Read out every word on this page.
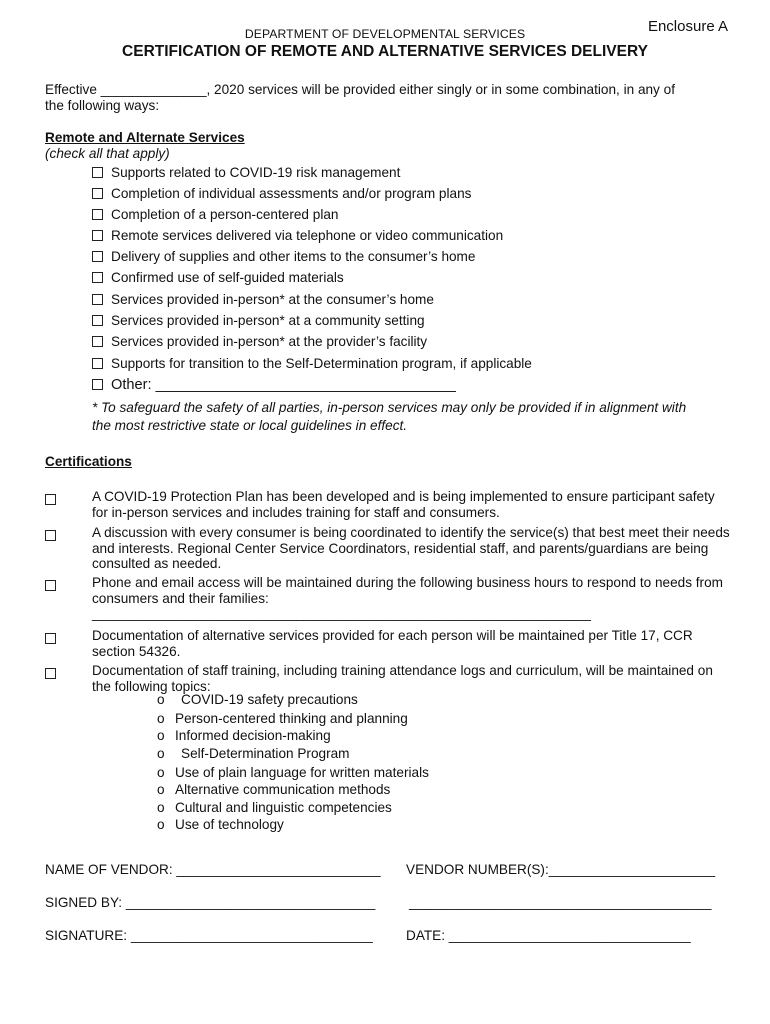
Enclosure A
DEPARTMENT OF DEVELOPMENTAL SERVICES
CERTIFICATION OF REMOTE AND ALTERNATIVE SERVICES DELIVERY
Effective ______________, 2020 services will be provided either singly or in some combination, in any of
the following ways:
Remote and Alternate Services
(check all that apply)
Supports related to COVID-19 risk management
Completion of individual assessments and/or program plans
Completion of a person-centered plan
Remote services delivered via telephone or video communication
Delivery of supplies and other items to the consumer’s home
Confirmed use of self-guided materials
Services provided in-person* at the consumer’s home
Services provided in-person* at a community setting
Services provided in-person* at the provider’s facility
Supports for transition to the Self-Determination program, if applicable
Other: _____________________________________
* To safeguard the safety of all parties, in-person services may only be provided if in alignment with
the most restrictive state or local guidelines in effect.
Certifications
A COVID-19 Protection Plan has been developed and is being implemented to ensure participant safety for in-person services and includes training for staff and consumers.
A discussion with every consumer is being coordinated to identify the service(s) that best meet their needs and interests. Regional Center Service Coordinators, residential staff, and parents/guardians are being consulted as needed.
Phone and email access will be maintained during the following business hours to respond to needs from consumers and their families:
__________________________________________________________________
Documentation of alternative services provided for each person will be maintained per Title 17, CCR section 54326.
Documentation of staff training, including training attendance logs and curriculum, will be maintained on the following topics:
o COVID-19 safety precautions
o Person-centered thinking and planning
o Informed decision-making
o Self-Determination Program
o Use of plain language for written materials
o Alternative communication methods
o Cultural and linguistic competencies
o Use of technology
NAME OF VENDOR: ___________________________ VENDOR NUMBER(S):______________________
SIGNED BY: _________________________________ ________________________________________
SIGNATURE: ________________________________ DATE: ________________________________
